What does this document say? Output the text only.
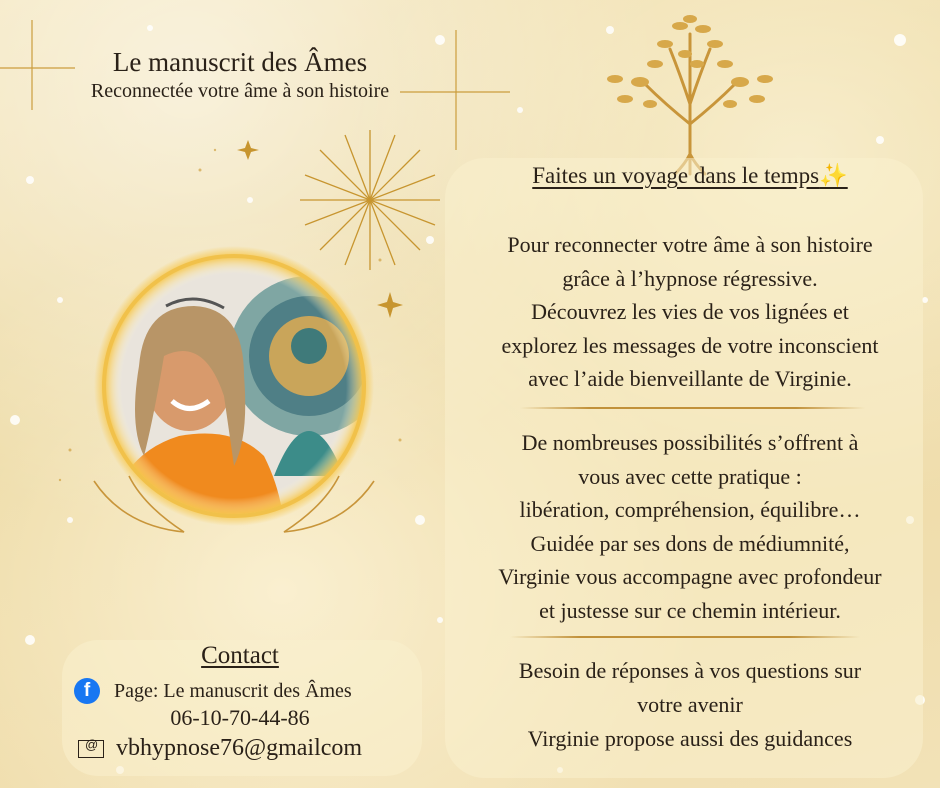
Le manuscrit des Âmes
Reconnectée votre âme à son histoire
Faites un voyage dans le temps✨
Pour reconnecter votre âme à son histoire
grâce à l’hypnose régressive.
Découvrez les vies de vos lignées et
explorez les messages de votre inconscient
avec l’aide bienveillante de Virginie.
De nombreuses possibilités s’offrent à
vous avec cette pratique :
libération, compréhension, équilibre…
Guidée par ses dons de médiumnité,
Virginie vous accompagne avec profondeur
et justesse sur ce chemin intérieur.
Besoin de réponses à vos questions sur
votre avenir
Virginie propose aussi des guidances
Contact
f	Page: Le manuscrit des Âmes
06-10-70-44-86
@
vbhypnose76@gmailcom
